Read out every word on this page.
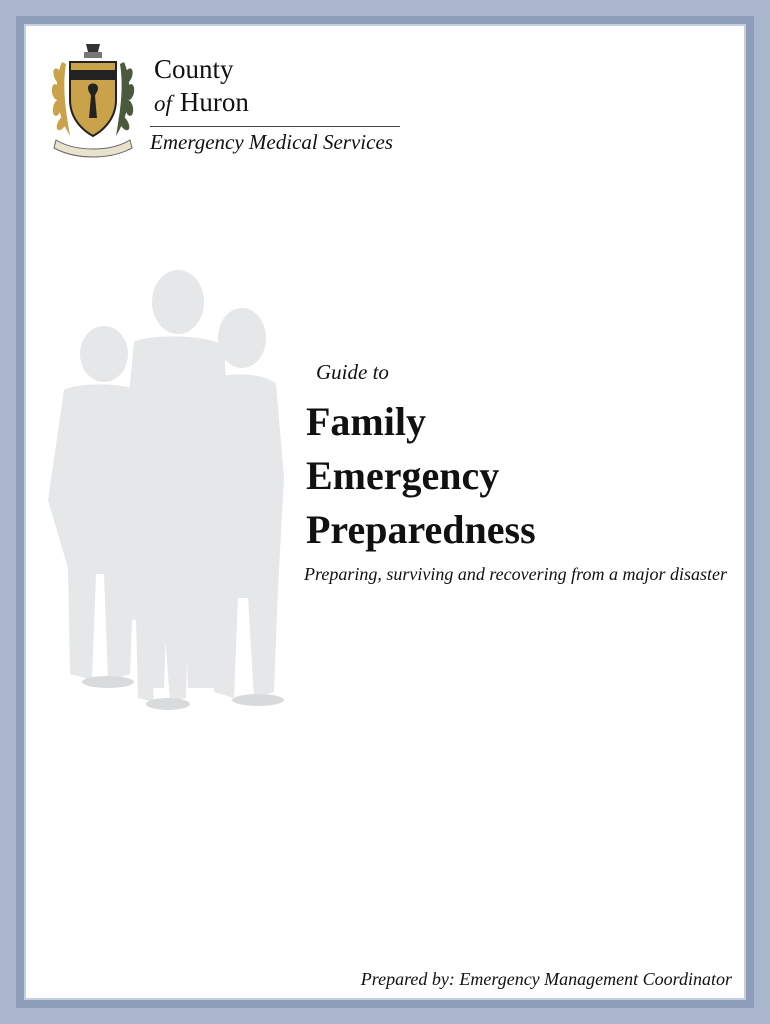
County
of Huron
Emergency Medical Services
Guide to
Family
Emergency
Preparedness
Preparing, surviving and recovering from a major disaster
Prepared by: Emergency Management Coordinator
